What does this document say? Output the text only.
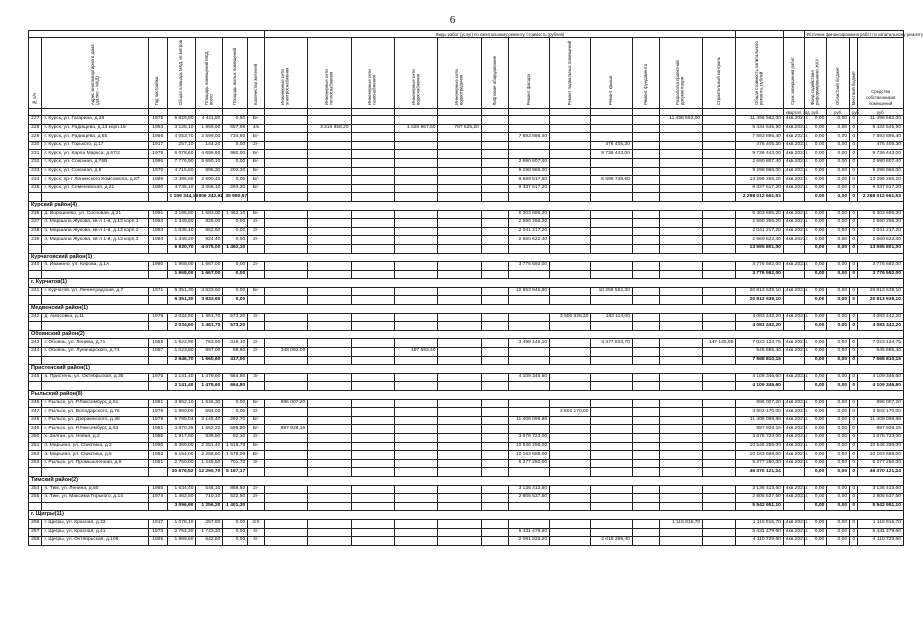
6
							Виды работ (услуг) по капитальному ремонту, стоимость (рублей)														Источник финансирования работ по капитальному ремонту			
№ п/п	Адрес многоквартирного дома (далее – МКД)	Год постройки	Общая площадь МКД, кв.метров	Площадь помещений МКД, всего	Площадь жилых помещений	Количество жителей	Инженерные сети электроснабжения	Инженерные сети теплоснабжения	Инженерные сети газоснабжения	Инженерные сети водоснабжения	Инженерные сети водоотведения	Лифтовое оборудование	Ремонт фасада	Ремонт подвальных помещений	Ремонт крыши	Ремонт фундамента	Разработка проектной документации	Строительный контроль	Общая стоимость капитального ремонта, рублей	Срок завершения работ	Фонд содействия реформированию ЖКХ	Областной бюджет	Местный бюджет	Средства собственников помещений
																				квартал, год	руб.	руб.	руб.	руб.
227	г. Курск, ул. Гагарина, д.28	1975	5 829,90	4 411,80	0,50	Б/-											11 496 562,00		11 496 562,00	4кв.2021г.	0,00	0,00	0	11 496 562,00
228	г. Курск, ул. Радищева, д.13 корп.15	1953	3 125,10	1 869,90	657,98	4/к		3 319 858,20		1 328 967,50	787 625,20								5 434 545,90	4кв.2021г.	0,00	0,00	0	5 434 545,90
229	г. Курск, ул. Радищева, д.55	1966	4 053,70	2 599,00	734,60	Б/-							7 893 896,40						7 893 896,40	4кв.2021г.	0,00	0,00	0	7 893 896,40
230	г. Курск, ул. Горького, д.17	1917	257,10	144,20	0,00	2/-									476 405,30				476 405,30	4кв.2021г.	0,00	0,00	0	476 405,30
231	г. Курск, ул. Карла Маркса, д.67/2	1979	6 078,60	4 699,60	980,00	Б/-									9 736 443,00				9 736 443,00	4кв.2021г.	0,00	0,00	0	9 736 443,00
232	г. Курск, ул. Союзная, д.76В	1986	7 776,90	5 690,10	0,00	Б/-							2 690 807,40						2 690 807,40	4кв.2021г.	0,00	0,00	0	2 690 807,40
233	г. Курск, ул. Союзная, д.8	1970	4 715,50	895,30	202,30	Б/-							9 298 966,00						9 298 966,00	4кв.2021г.	0,00	0,00	0	9 298 966,00
234	г. Курск, пр-т Ленинского Комсомола, д.87	1989	3 395,60	2 500,40	0,00	Б/-							6 699 517,60		6 599 748,60				13 299 266,20	4кв.2021г.	0,00	0,00	0	13 299 266,20
235	г. Курск, ул. Семеновская, д.21	1990	4 735,10	3 358,10	293,30	Б/-							9 337 617,20						9 337 617,20	4кв.2021г.	0,00	0,00	0	9 337 617,20
			1 159 344,19	806 342,92	35 980,67														2 268 012 651,53		0,00	0,00	0	2 268 012 651,53
Курский район(4)																								
236	д. Ворошнево, ул. Сосновая, д.21	1991	3 196,80	1 583,00	1 462,10	Б/-							6 303 695,20						6 303 695,20	4кв.2021г.	0,00	0,00	0	6 303 695,20
237	п. Маршала Жукова, кв-л 1-й, д.13 корп.1	1984	1 349,60	825,00	0,00	2/-							2 590 266,20						2 590 266,20	4кв.2021г.	0,00	0,00	0	2 590 266,20
238	п. Маршала Жукова, кв-л 1-й, д.13 корп.2	1984	1 035,10	862,60	0,00	2/-							2 041 217,20						2 041 217,20	4кв.2021г.	0,00	0,00	0	2 041 217,20
239	п. Маршала Жукова, кв-л 1-й, д.13 корп.3	1984	1 349,20	924,40	0,00	2/-							2 660 622,40						2 660 622,40	4кв.2021г.	0,00	0,00	0	2 660 622,40
			6 930,70	4 075,00	1 462,10														13 595 801,00		0,00	0,00	0	13 595 801,00
Курчатовский район(1)																								
240	п. Иванино, ул. Кирова, д.1А	1980	1 968,00	1 667,00	0,00	2/-							3 776 592,00						3 776 592,00	4кв.2021г.	0,00	0,00	0	3 776 592,00
			1 968,00	1 667,00	0,00														3 776 592,00		0,00	0,00	0	3 776 592,00
г. Курчатов(1)																								
241	г. Курчатов, ул. Ленинградская, д.7	1971	5 351,30	3 833,60	0,00	Б/-							10 553 946,80		10 259 592,30				20 813 539,10	4кв.2021г.	0,00	0,00	0	20 813 539,10
			5 351,30	3 833,60	0,00														20 813 539,10		0,00	0,00	0	20 813 539,10
Медвенский район(1)																								
242	д. Амосовка, д.11	1978	2 034,60	1 461,70	573,20	4/-								3 900 328,20	183 114,00				4 083 442,20	4кв.2021г.	0,00	0,00	0	4 083 442,20
			2 034,60	1 461,70	573,20														4 083 442,20		0,00	0,00	0	4 083 442,20
Обоянский район(2)																								
243	г. Обоянь, ул. Ленина, д.71	1955	1 622,90	763,60	318,10	2/-							3 498 145,10		3 377 833,70			147 145,95	7 023 124,75	4кв.2021г.	0,00	0,00	0	7 023 124,75
244	г. Обоянь, ул. Луначарского, д.74	1957	1 023,80	897,00	98,90	2/-	348 092,00			197 593,40									545 685,40	4кв.2021г.	0,00	0,00	0	545 685,40
			2 646,70	1 660,60	417,00														7 568 810,15		0,00	0,00	0	7 568 810,15
Пристенский район(1)																								
245	п. Пристень, ул. Октябрьская, д.36	1975	2 141,40	1 478,60	664,80	3/-							4 109 346,60						4 109 346,60	4кв.2021г.	0,00	0,00	0	4 109 346,60
			2 141,40	1 478,60	664,80														4 109 346,60		0,00	0,00	0	4 109 346,60
Рыльский район(8)																								
246	г. Рыльск, ул. Р.Люксембург, д.61	1981	3 862,10	1 546,30	0,00	Б/-	896 007,20												896 007,20	4кв.2021г.	0,00	0,00	0	896 007,20
247	г. Рыльск, ул. Володарского, д.76	1979	1 990,00	594,00	0,00	2/-								3 502 170,00					3 502 170,00	4кв.2021г.	0,00	0,00	0	3 502 170,00
248	г. Рыльск, ул. Дзержинского, д.38	1978	5 785,04	2 145,40	292,70	Б/-							11 408 098,88						11 408 098,88	4кв.2021г.	0,00	0,00	0	11 408 098,88
249	г. Рыльск, ул. Р.Люксембург, д.63	1981	3 870,35	1 552,20	595,90	Б/-	897 928,16												897 928,16	4кв.2021г.	0,00	0,00	0	897 928,16
250	х. Залган, ул. Новая, д.2	1985	1 917,60	838,80	82,10	2/-							3 678 723,00						3 678 723,00	4кв.2021г.	0,00	0,00	0	3 678 723,00
251	п. Марьино, ул. Свиотика, д.2	1990	5 369,00	2 251,40	1 616,78	Б/-							10 546 256,00						10 546 256,00	4кв.2021г.	0,00	0,00	0	10 546 256,00
252	п. Марьино, ул. Свиотика, д.5	1993	5 154,00	2 256,60	1 578,09	Б/-							10 163 688,00						10 163 688,00	4кв.2021г.	0,00	0,00	0	10 163 688,00
253	г. Рыльск, ул. Промышленная, д.6	1991	2 750,00	1 245,50	701,70	3/-							5 277 250,00						5 277 250,00	4кв.2021г.	0,00	0,00	0	5 277 250,00
			30 676,52	12 290,70	5 167,17														46 370 121,24		0,00	0,00	0	46 370 121,24
Тимский район(2)																								
254	п. Тим, ул. Ленина, д.50	1965	1 634,40	546,10	868,50	2/-							3 136 413,60						3 136 413,60	4кв.2021г.	0,00	0,00	0	3 136 413,60
255	п. Тим, ул. Максима Горького, д.14	1974	1 462,50	710,10	532,50	2/-							2 806 537,50						2 806 537,50	4кв.2021г.	0,00	0,00	0	2 806 537,50
			3 096,90	1 256,20	1 401,30														5 942 951,10		0,00	0,00	0	5 942 951,10
г. Щигры(11)																								
256	г. Щигры, ул. Красная, д.33	1917	1 078,10	257,80	0,00	2/Х											1 115 915,70		1 115 915,70	4кв.2021г.	0,00	0,00	0	1 115 915,70
257	г. Щигры, ул. Красная, д.41	1973	2 754,30	1 743,30	0,00	4/-							5 431 479,60						5 431 479,60	4кв.2021г.	0,00	0,00	0	5 431 479,60
258	г. Щигры, ул. Октябрьская, д.109	1965	1 989,60	642,80	0,00	4/-							2 091 326,20		2 019 399,40				4 110 725,60	4кв.2021г.	0,00	0,00	0	4 110 725,60
